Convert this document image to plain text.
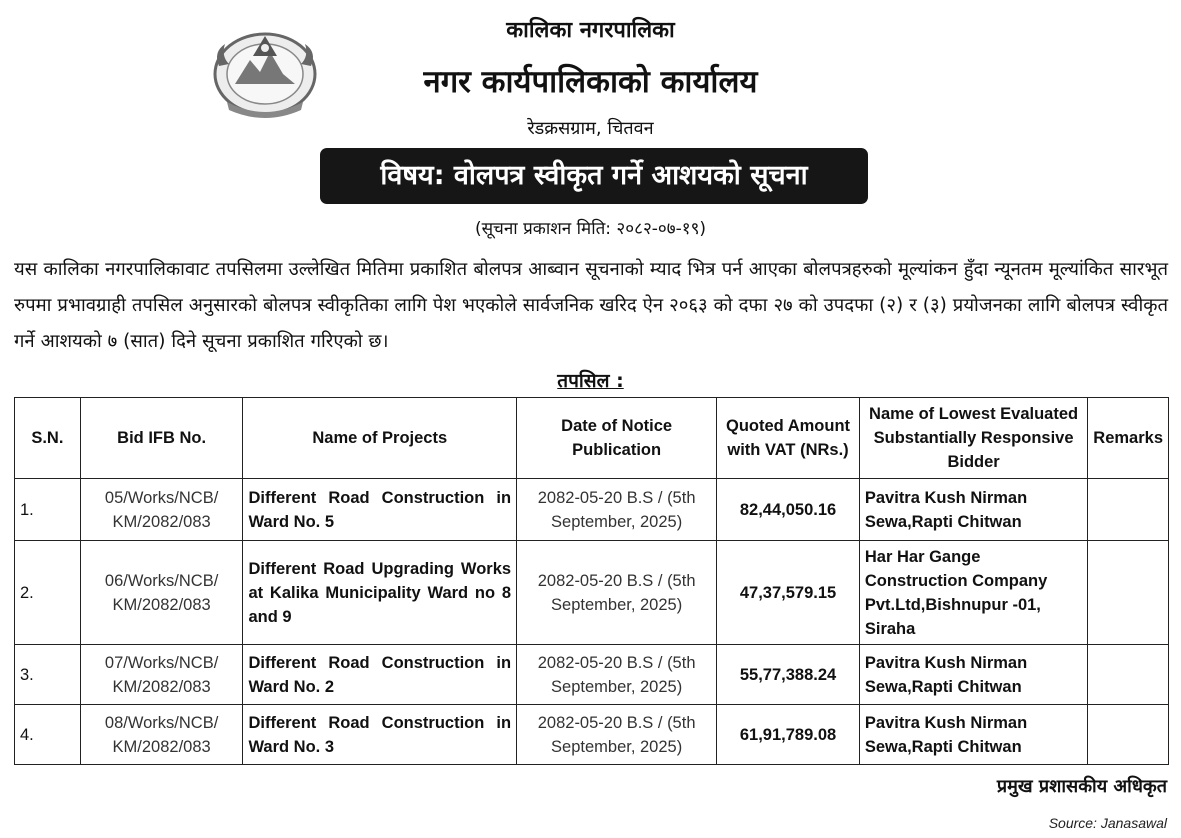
कालिका नगरपालिका
नगर कार्यपालिकाको कार्यालय
रेडक्रसग्राम, चितवन
विषय: वोलपत्र स्वीकृत गर्ने आशयको सूचना
(सूचना प्रकाशन मिति: २०८२-०७-१९)

यस कालिका नगरपालिकावाट तपसिलमा उल्लेखित मितिमा प्रकाशित बोलपत्र आब्वान सूचनाको म्याद भित्र पर्न आएका बोलपत्रहरुको मूल्यांकन हुँदा न्यूनतम मूल्यांकित सारभूत रुपमा प्रभावग्राही तपसिल अनुसारको बोलपत्र स्वीकृतिका लागि पेश भएकोले सार्वजनिक खरिद ऐन २०६३ को दफा २७ को उपदफा (२) र (३) प्रयोजनका लागि बोलपत्र स्वीकृत गर्ने आशयको ७ (सात) दिने सूचना प्रकाशित गरिएको छ।

तपसिल :
S.N.	Bid IFB No.	Name of Projects	Date of Notice Publication	Quoted Amount with VAT (NRs.)	Name of Lowest Evaluated Substantially Responsive Bidder	Remarks
1.	05/Works/NCB/ KM/2082/083	Different Road Construction in Ward No. 5	2082-05-20 B.S / (5th September, 2025)	82,44,050.16	Pavitra Kush Nirman Sewa,Rapti Chitwan	
2.	06/Works/NCB/ KM/2082/083	Different Road Upgrading Works at Kalika Municipality Ward no 8 and 9	2082-05-20 B.S / (5th September, 2025)	47,37,579.15	Har Har Gange Construction Company Pvt.Ltd,Bishnupur -01, Siraha	
3.	07/Works/NCB/ KM/2082/083	Different Road Construction in Ward No. 2	2082-05-20 B.S / (5th September, 2025)	55,77,388.24	Pavitra Kush Nirman Sewa,Rapti Chitwan	
4.	08/Works/NCB/ KM/2082/083	Different Road Construction in Ward No. 3	2082-05-20 B.S / (5th September, 2025)	61,91,789.08	Pavitra Kush Nirman Sewa,Rapti Chitwan	
प्रमुख प्रशासकीय अधिकृत
Source: Janasawal
